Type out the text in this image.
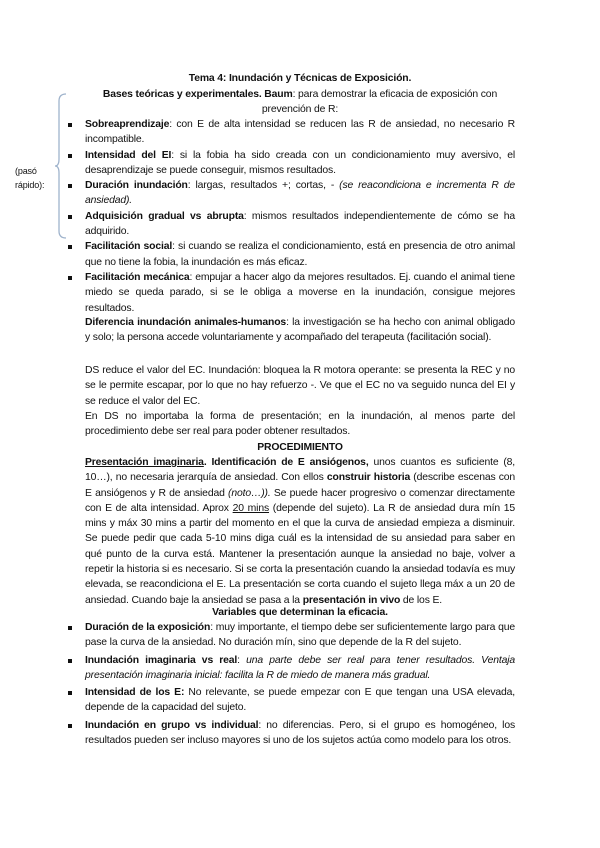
(pasó
rápido):
Tema 4: Inundación y Técnicas de Exposición.
Bases teóricas y experimentales. Baum: para demostrar la eficacia de exposición con prevención de R:
Sobreaprendizaje: con E de alta intensidad se reducen las R de ansiedad, no necesario R incompatible.
Intensidad del EI: si la fobia ha sido creada con un condicionamiento muy aversivo, el desaprendizaje se puede conseguir, mismos resultados.
Duración inundación: largas, resultados +; cortas, - (se reacondiciona e incrementa R de ansiedad).
Adquisición gradual vs abrupta: mismos resultados independientemente de cómo se ha adquirido.
Facilitación social: si cuando se realiza el condicionamiento, está en presencia de otro animal que no tiene la fobia, la inundación es más eficaz.
Facilitación mecánica: empujar a hacer algo da mejores resultados. Ej. cuando el animal tiene miedo se queda parado, si se le obliga a moverse en la inundación, consigue mejores resultados.
Diferencia inundación animales-humanos: la investigación se ha hecho con animal obligado y solo; la persona accede voluntariamente y acompañado del terapeuta (facilitación social).
DS reduce el valor del EC. Inundación: bloquea la R motora operante: se presenta la REC y no se le permite escapar, por lo que no hay refuerzo -. Ve que el EC no va seguido nunca del EI y se reduce el valor del EC.
En DS no importaba la forma de presentación; en la inundación, al menos parte del procedimiento debe ser real para poder obtener resultados.
PROCEDIMIENTO
Presentación imaginaria. Identificación de E ansiógenos, unos cuantos es suficiente (8, 10…), no necesaria jerarquía de ansiedad. Con ellos construir historia (describe escenas con E ansiógenos y R de ansiedad (noto…)). Se puede hacer progresivo o comenzar directamente con E de alta intensidad. Aprox 20 mins (depende del sujeto). La R de ansiedad dura mín 15 mins y máx 30 mins a partir del momento en el que la curva de ansiedad empieza a disminuir. Se puede pedir que cada 5-10 mins diga cuál es la intensidad de su ansiedad para saber en qué punto de la curva está. Mantener la presentación aunque la ansiedad no baje, volver a repetir la historia si es necesario. Si se corta la presentación cuando la ansiedad todavía es muy elevada, se reacondiciona el E. La presentación se corta cuando el sujeto llega máx a un 20 de ansiedad. Cuando baje la ansiedad se pasa a la presentación in vivo de los E.
Variables que determinan la eficacia.
Duración de la exposición: muy importante, el tiempo debe ser suficientemente largo para que pase la curva de la ansiedad. No duración mín, sino que depende de la R del sujeto.
Inundación imaginaria vs real: una parte debe ser real para tener resultados. Ventaja presentación imaginaria inicial: facilita la R de miedo de manera más gradual.
Intensidad de los E: No relevante, se puede empezar con E que tengan una USA elevada, depende de la capacidad del sujeto.
Inundación en grupo vs individual: no diferencias. Pero, si el grupo es homogéneo, los resultados pueden ser incluso mayores si uno de los sujetos actúa como modelo para los otros.
